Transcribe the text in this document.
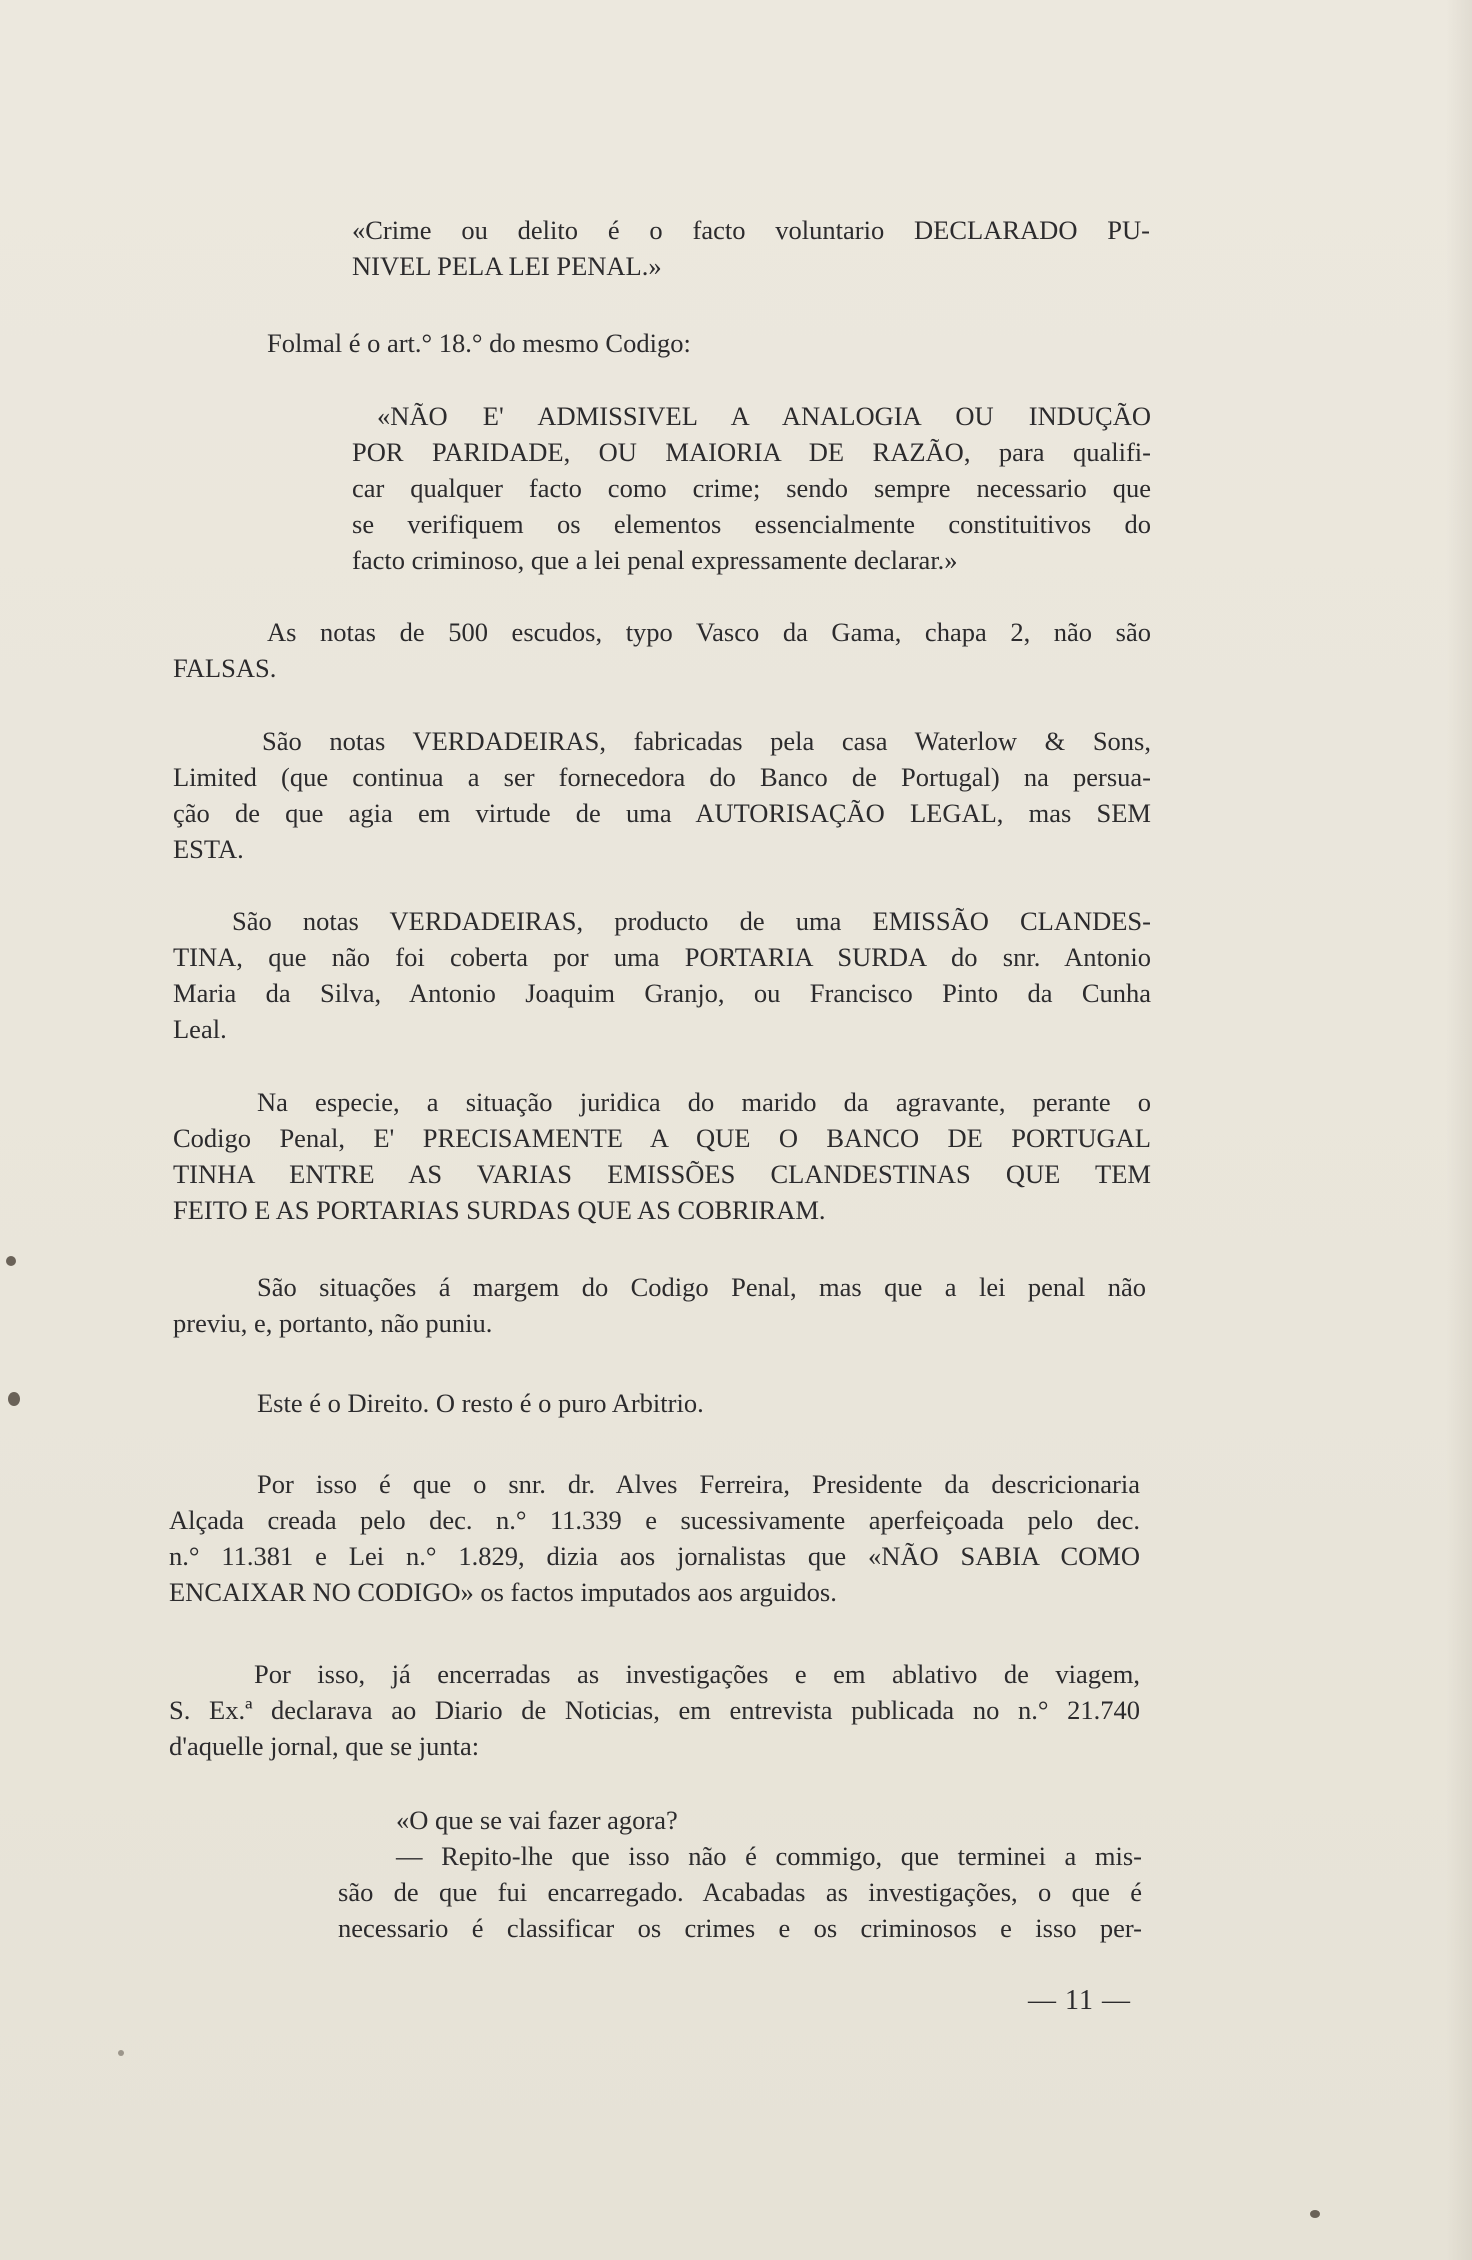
«Crime ou delito é o facto voluntario DECLARADO PU-

NIVEL PELA LEI PENAL.»

Folmal é o art.° 18.° do mesmo Codigo:

«NÃO E' ADMISSIVEL A ANALOGIA OU INDUÇÃO

POR PARIDADE, OU MAIORIA DE RAZÃO, para qualifi-

car qualquer facto como crime; sendo sempre necessario que

se verifiquem os elementos essencialmente constituitivos do

facto criminoso, que a lei penal expressamente declarar.»

As notas de 500 escudos, typo Vasco da Gama, chapa 2, não são

FALSAS.

São notas VERDADEIRAS, fabricadas pela casa Waterlow & Sons,

Limited (que continua a ser fornecedora do Banco de Portugal) na persua-

ção de que agia em virtude de uma AUTORISAÇÃO LEGAL, mas SEM

ESTA.

São notas VERDADEIRAS, producto de uma EMISSÃO CLANDES-

TINA, que não foi coberta por uma PORTARIA SURDA do snr. Antonio

Maria da Silva, Antonio Joaquim Granjo, ou Francisco Pinto da Cunha

Leal.

Na especie, a situação juridica do marido da agravante, perante o

Codigo Penal, E' PRECISAMENTE A QUE O BANCO DE PORTUGAL

TINHA ENTRE AS VARIAS EMISSÕES CLANDESTINAS QUE TEM

FEITO E AS PORTARIAS SURDAS QUE AS COBRIRAM.

São situações á margem do Codigo Penal, mas que a lei penal não

previu, e, portanto, não puniu.

Este é o Direito. O resto é o puro Arbitrio.

Por isso é que o snr. dr. Alves Ferreira, Presidente da descricionaria

Alçada creada pelo dec. n.° 11.339 e sucessivamente aperfeiçoada pelo dec.

n.° 11.381 e Lei n.° 1.829, dizia aos jornalistas que «NÃO SABIA COMO

ENCAIXAR NO CODIGO» os factos imputados aos arguidos.

Por isso, já encerradas as investigações e em ablativo de viagem,

S. Ex.ª declarava ao Diario de Noticias, em entrevista publicada no n.° 21.740

d'aquelle jornal, que se junta:

«O que se vai fazer agora?

— Repito-lhe que isso não é commigo, que terminei a mis-

são de que fui encarregado. Acabadas as investigações, o que é

necessario é classificar os crimes e os criminosos e isso per-

— 11 —
